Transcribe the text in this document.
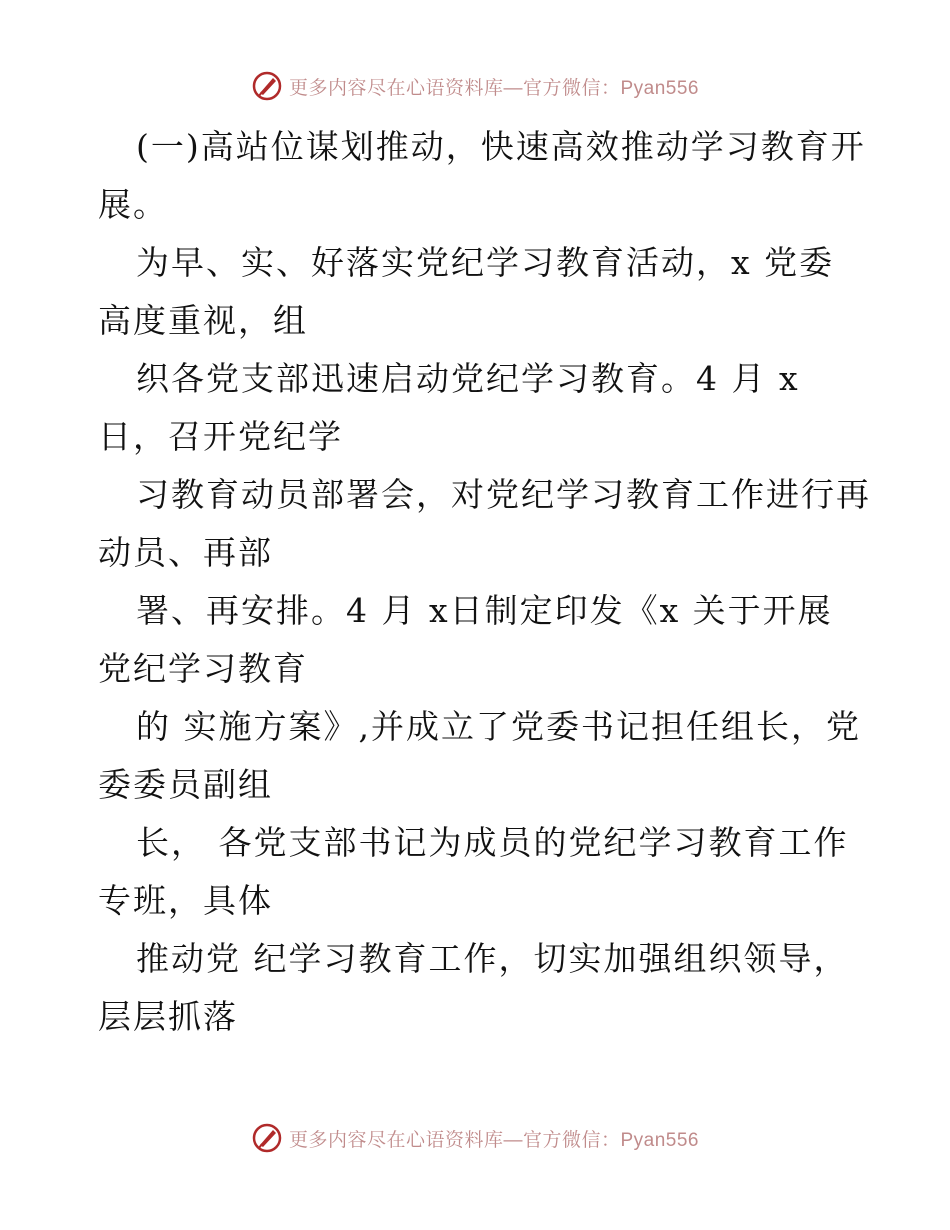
更多内容尽在心语资料库—官方微信：Pyan556
(一)高站位谋划推动，快速高效推动学习教育开
展。
为早、实、好落实党纪学习教育活动，x 党委
高度重视，组
织各党支部迅速启动党纪学习教育。4 月 x
日，召开党纪学
习教育动员部署会，对党纪学习教育工作进行再
动员、再部
署、再安排。4 月 x日制定印发《x 关于开展
党纪学习教育
的 实施方案》,并成立了党委书记担任组长，党
委委员副组
长， 各党支部书记为成员的党纪学习教育工作
专班，具体
推动党 纪学习教育工作，切实加强组织领导，
层层抓落
更多内容尽在心语资料库—官方微信：Pyan556
